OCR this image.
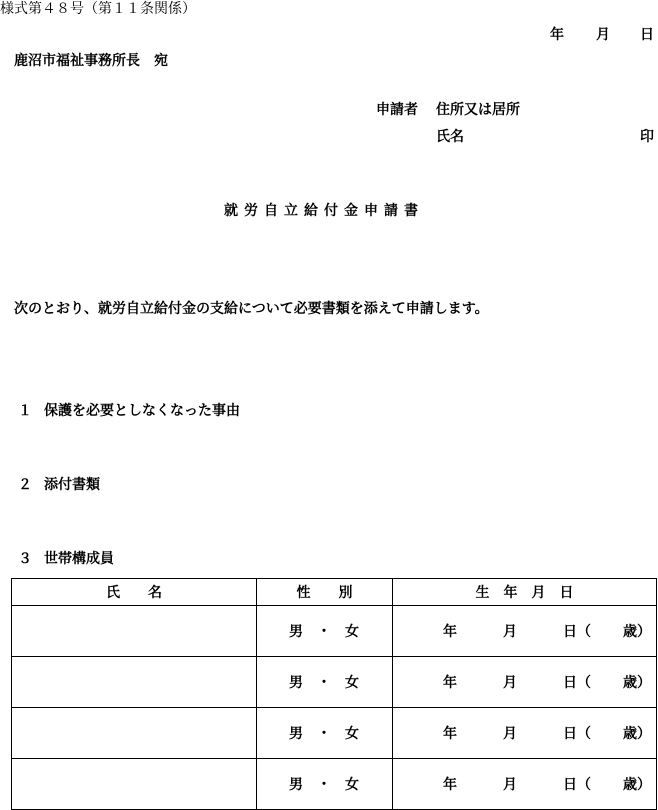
様式第４８号（第１１条関係）
年 月 日
鹿沼市福祉事務所長　宛
申請者 住所又は居所
氏名	印
就労自立給付金申請書
次のとおり、就労自立給付金の支給について必要書類を添えて申請します。
１ 保護を必要としなくなった事由
２ 添付書類
３ 世帯構成員
氏　　名	性　　別	生　年　月　日

	男 ・ 女	年 月 日（ 歳）

	男 ・ 女	年 月 日（ 歳）

	男 ・ 女	年 月 日（ 歳）

	男 ・ 女	年 月 日（ 歳）
